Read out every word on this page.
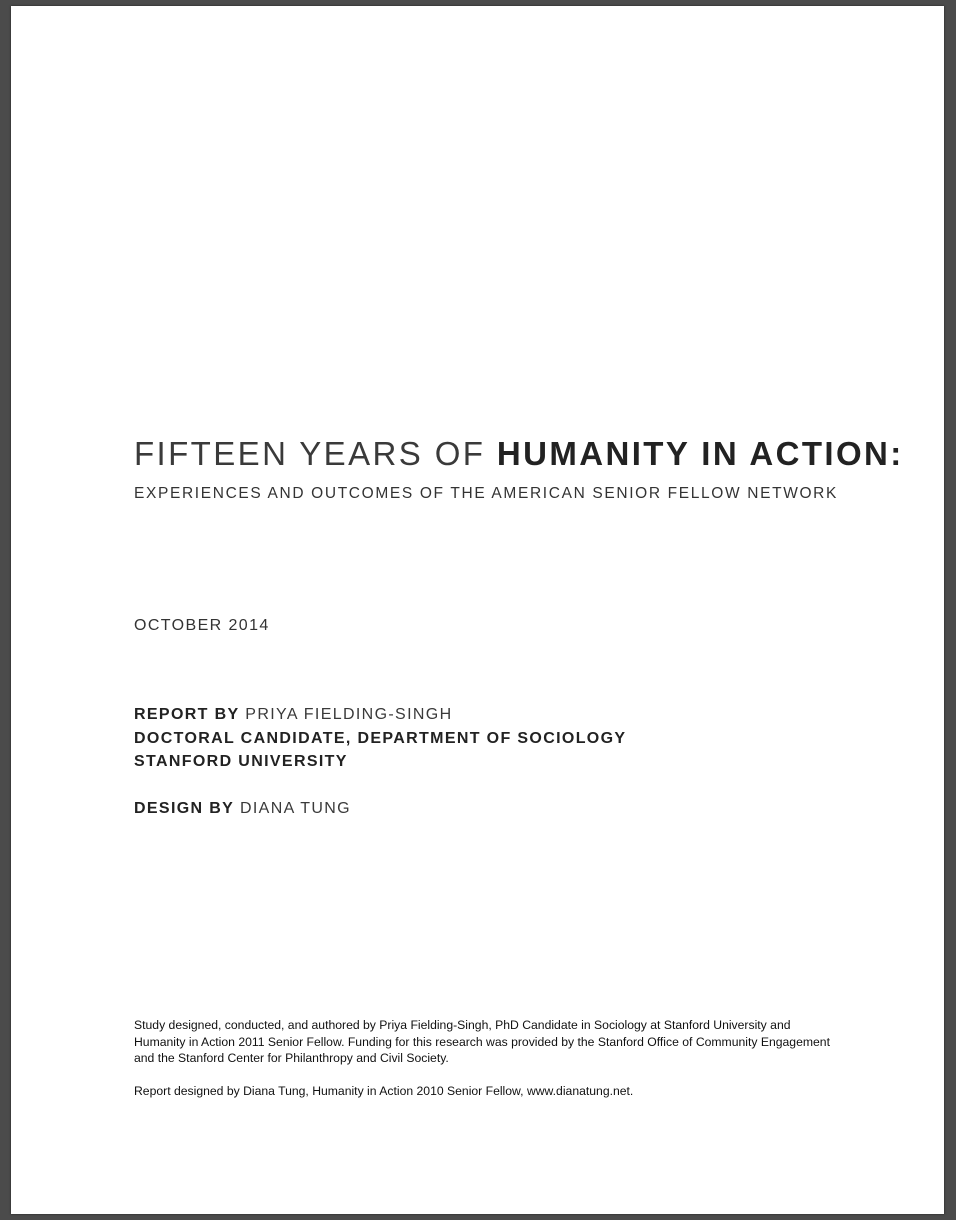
FIFTEEN YEARS OF HUMANITY IN ACTION:
EXPERIENCES AND OUTCOMES OF THE AMERICAN SENIOR FELLOW NETWORK
OCTOBER 2014
REPORT BY PRIYA FIELDING-SINGH
DOCTORAL CANDIDATE, DEPARTMENT OF SOCIOLOGY
STANFORD UNIVERSITY
DESIGN BY DIANA TUNG

Study designed, conducted, and authored by Priya Fielding-Singh, PhD Candidate in Sociology at Stanford University and Humanity in Action 2011 Senior Fellow. Funding for this research was provided by the Stanford Office of Community Engagement and the Stanford Center for Philanthropy and Civil Society.

Report designed by Diana Tung, Humanity in Action 2010 Senior Fellow, www.dianatung.net.
